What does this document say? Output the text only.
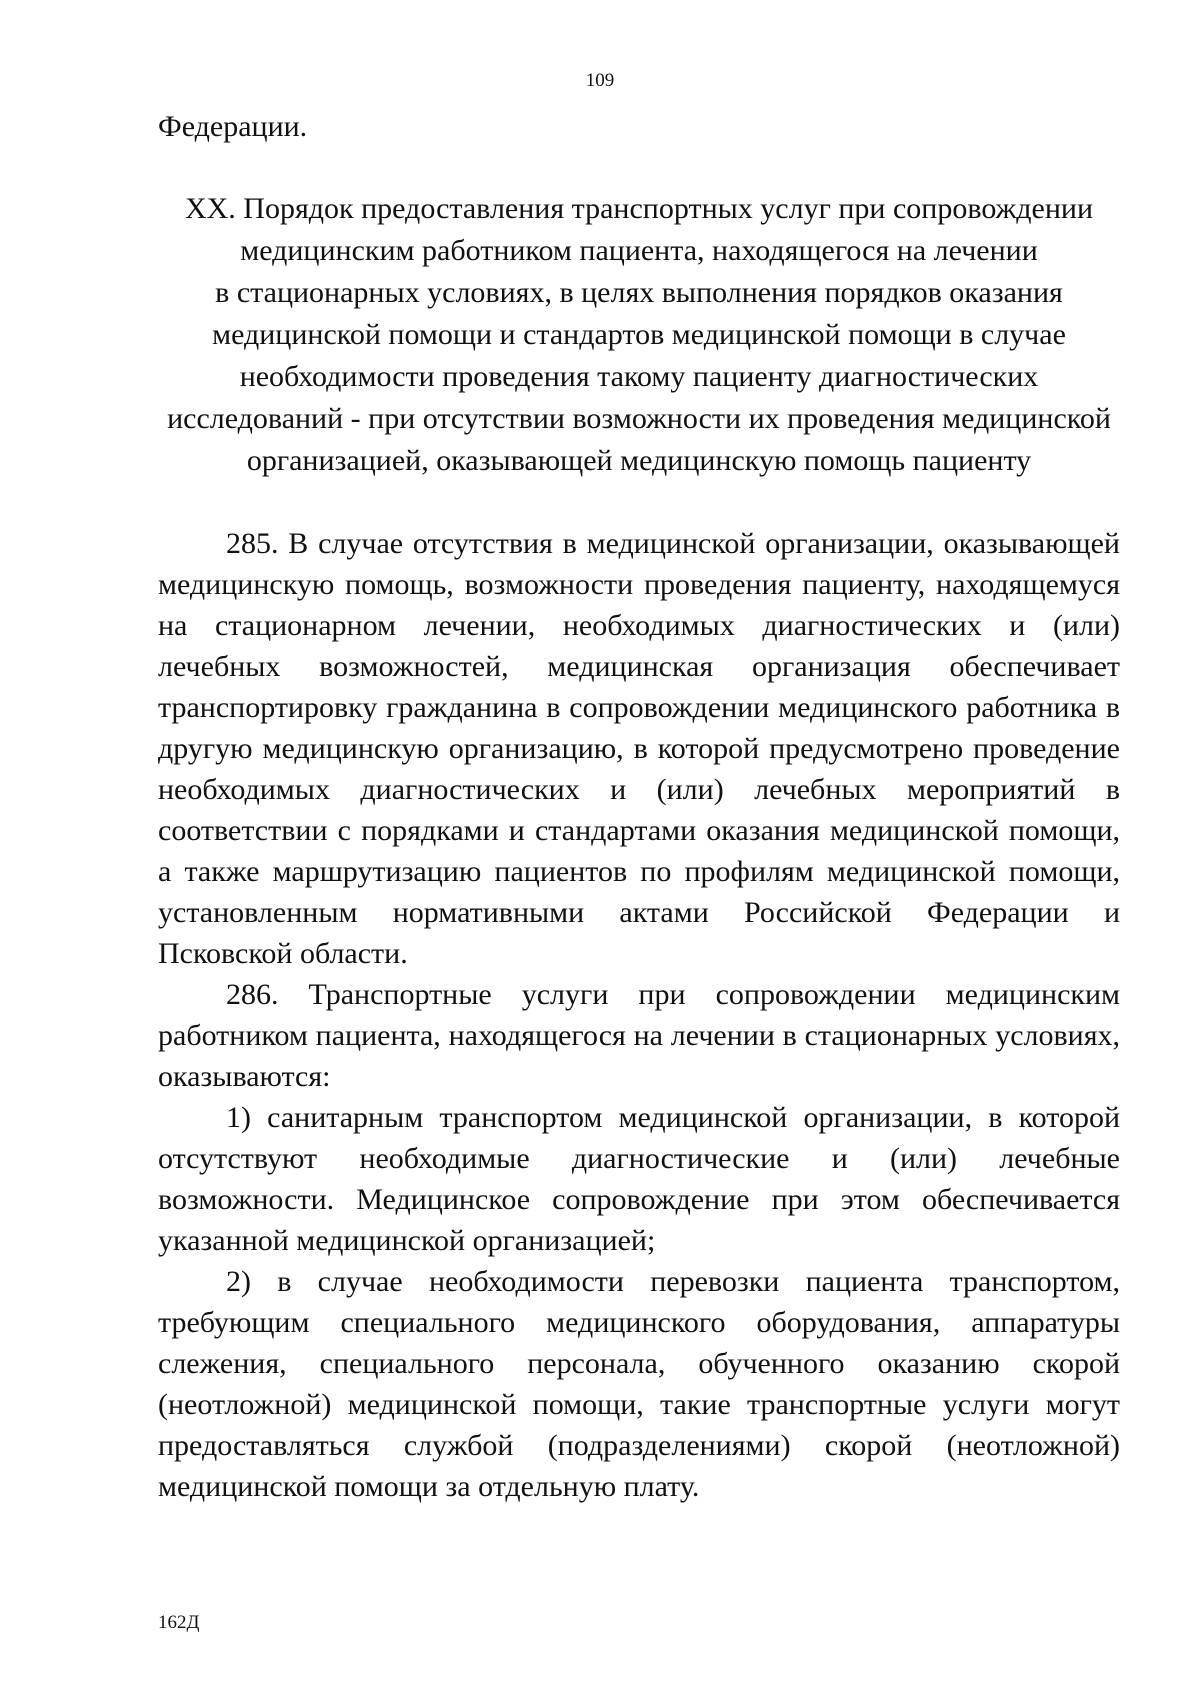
109

Федерации.

XX. Порядок предоставления транспортных услуг при сопровождении
медицинским работником пациента, находящегося на лечении
в стационарных условиях, в целях выполнения порядков оказания
медицинской помощи и стандартов медицинской помощи в случае
необходимости проведения такому пациенту диагностических
исследований - при отсутствии возможности их проведения медицинской
организацией, оказывающей медицинскую помощь пациенту

285. В случае отсутствия в медицинской организации, оказывающей медицинскую помощь, возможности проведения пациенту, находящемуся на стационарном лечении, необходимых диагностических и (или) лечебных возможностей, медицинская организация обеспечивает транспортировку гражданина в сопровождении медицинского работника в другую медицинскую организацию, в которой предусмотрено проведение необходимых диагностических и (или) лечебных мероприятий в соответствии с порядками и стандартами оказания медицинской помощи, а также маршрутизацию пациентов по профилям медицинской помощи, установленным нормативными актами Российской Федерации и Псковской области.

286. Транспортные услуги при сопровождении медицинским работником пациента, находящегося на лечении в стационарных условиях, оказываются:

1) санитарным транспортом медицинской организации, в которой отсутствуют необходимые диагностические и (или) лечебные возможности. Медицинское сопровождение при этом обеспечивается указанной медицинской организацией;

2) в случае необходимости перевозки пациента транспортом, требующим специального медицинского оборудования, аппаратуры слежения, специального персонала, обученного оказанию скорой (неотложной) медицинской помощи, такие транспортные услуги могут предоставляться службой (подразделениями) скорой (неотложной) медицинской помощи за отдельную плату.

162Д
